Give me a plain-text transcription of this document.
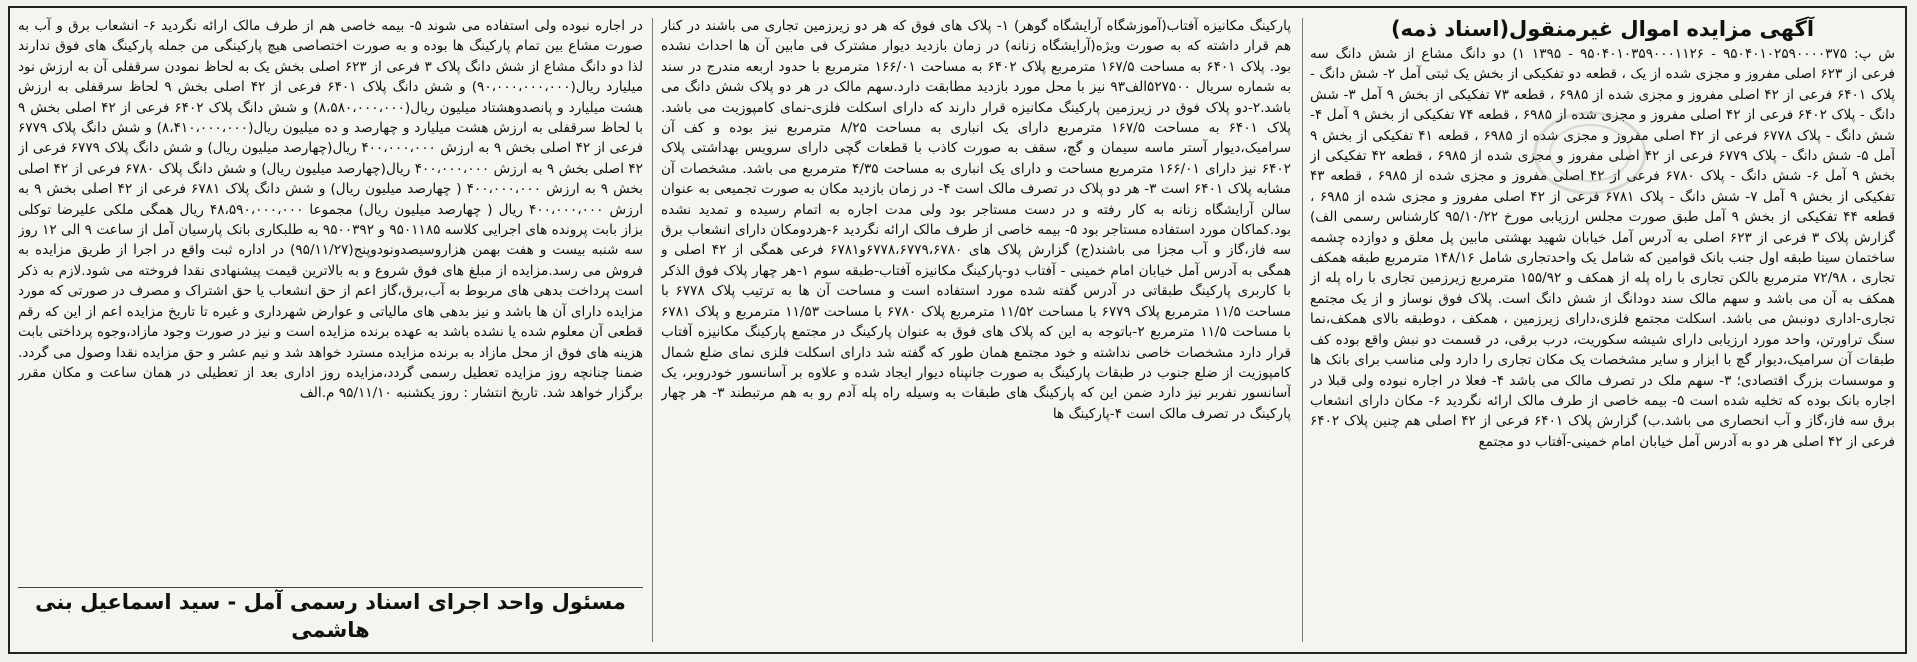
آگهی مزایده اموال غیرمنقول(اسناد ذمه)

ش پ: ۹۵۰۴۰۱۰۲۵۹۰۰۰۰۳۷۵ - ۹۵۰۴۰۱۰۳۵۹۰۰۰۱۱۲۶ - ۱۳۹۵ ۱) دو دانگ مشاع از شش دانگ سه فرعی از ۶۲۳ اصلی مفروز و مجزی شده از یک ، قطعه دو تفکیکی از بخش یک ثبتی آمل ۲- شش دانگ - پلاک ۶۴۰۱ فرعی از ۴۲ اصلی مفروز و مجزی شده از ۶۹۸۵ ، قطعه ۷۳ تفکیکی از بخش ۹ آمل ۳- شش دانگ - پلاک ۶۴۰۲ فرعی از ۴۲ اصلی مفروز و مجزی شده از ۶۹۸۵ ، قطعه ۷۴ تفکیکی از بخش ۹ آمل ۴- شش دانگ - پلاک ۶۷۷۸ فرعی از ۴۲ اصلی مفروز و مجزی شده از ۶۹۸۵ ، قطعه ۴۱ تفکیکی از بخش ۹ آمل ۵- شش دانگ - پلاک ۶۷۷۹ فرعی از ۴۲ اصلی مفروز و مجزی شده از ۶۹۸۵ ، قطعه ۴۲ تفکیکی از بخش ۹ آمل ۶- شش دانگ - پلاک ۶۷۸۰ فرعی از ۴۲ اصلی مفروز و مجزی شده از ۶۹۸۵ ، قطعه ۴۳ تفکیکی از بخش ۹ آمل ۷- شش دانگ - پلاک ۶۷۸۱ فرعی از ۴۲ اصلی مفروز و مجزی شده از ۶۹۸۵ ، قطعه ۴۴ تفکیکی از بخش ۹ آمل طبق صورت مجلس ارزیابی مورخ ۹۵/۱۰/۲۲ کارشناس رسمی الف) گزارش پلاک ۳ فرعی از ۶۲۳ اصلی به آدرس آمل خیابان شهید بهشتی مابین پل معلق و دوازده چشمه ساختمان سینا طبقه اول جنب بانک قوامین که شامل یک واحدتجاری شامل ۱۴۸/۱۶ مترمربع طبقه همکف تجاری ، ۷۲/۹۸ مترمربع بالکن تجاری با راه پله از همکف و ۱۵۵/۹۲ مترمربع زیرزمین تجاری با راه پله از همکف به آن می باشد و سهم مالک سند دودانگ از شش دانگ است. پلاک فوق نوساز و از یک مجتمع تجاری-اداری دونبش می باشد. اسکلت مجتمع فلزی،دارای زیرزمین ، همکف ، دوطبقه بالای همکف،نما سنگ تراورتن، واحد مورد ارزیابی دارای شیشه سکوریت، درب برقی، در قسمت دو نبش واقع بوده کف طبقات آن سرامیک،دیوار گچ با ابزار و سایر مشخصات یک مکان تجاری را دارد ولی مناسب برای بانک ها و موسسات بزرگ اقتصادی؛ ۳- سهم ملک در تصرف مالک می باشد ۴- فعلا در اجاره نبوده ولی قبلا در اجاره بانک بوده که تخلیه شده است ۵- بیمه خاصی از طرف مالک ارائه نگردید ۶- مکان دارای انشعاب برق سه فاز،گاز و آب انحصاری می باشد.ب) گزارش پلاک ۶۴۰۱ فرعی از ۴۲ اصلی هم چنین پلاک ۶۴۰۲ فرعی از ۴۲ اصلی هر دو به آدرس آمل خیابان امام خمینی-آفتاب دو مجتمع

پارکینگ مکانیزه آفتاب(آموزشگاه آرایشگاه گوهر) ۱- پلاک های فوق که هر دو زیرزمین تجاری می باشند در کنار هم قرار داشته که به صورت ویژه(آرایشگاه زنانه) در زمان بازدید دیوار مشترک فی مابین آن ها احداث نشده بود. پلاک ۶۴۰۱ به مساحت ۱۶۷/۵ مترمربع پلاک ۶۴۰۲ به مساحت ۱۶۶/۰۱ مترمربع با حدود اربعه مندرج در سند به شماره سریال ۵۲۷۵۰۰الف۹۳ نیز با محل مورد بازدید مطابقت دارد.سهم مالک در هر دو پلاک شش دانگ می باشد.۲-دو پلاک فوق در زیرزمین پارکینگ مکانیزه قرار دارند که دارای اسکلت فلزی-نمای کامپوزیت می باشد. پلاک ۶۴۰۱ به مساحت ۱۶۷/۵ مترمربع دارای یک انباری به مساحت ۸/۲۵ مترمربع نیز بوده و کف آن سرامیک،دیوار آستر ماسه سیمان و گچ، سقف به صورت کاذب با قطعات گچی دارای سرویس بهداشتی پلاک ۶۴۰۲ نیز دارای ۱۶۶/۰۱ مترمربع مساحت و دارای یک انباری به مساحت ۴/۳۵ مترمربع می باشد. مشخصات آن مشابه پلاک ۶۴۰۱ است ۳- هر دو پلاک در تصرف مالک است ۴- در زمان بازدید مکان به صورت تجمیعی به عنوان سالن آرایشگاه زنانه به کار رفته و در دست مستاجر بود ولی مدت اجاره به اتمام رسیده و تمدید نشده بود.کماکان مورد استفاده مستاجر بود ۵- بیمه خاصی از طرف مالک ارائه نگردید ۶-هردومکان دارای انشعاب برق سه فاز،گاز و آب مجزا می باشند(ج) گزارش پلاک های ۶۷۷۸،۶۷۷۹،۶۷۸۰و۶۷۸۱ فرعی همگی از ۴۲ اصلی و همگی به آدرس آمل خیابان امام خمینی - آفتاب دو-پارکینگ مکانیزه آفتاب-طبقه سوم ۱-هر چهار پلاک فوق الذکر با کاربری پارکینگ طبقاتی در آدرس گفته شده مورد استفاده است و مساحت آن ها به ترتیب پلاک ۶۷۷۸ با مساحت ۱۱/۵ مترمربع پلاک ۶۷۷۹ با مساحت ۱۱/۵۲ مترمربع پلاک ۶۷۸۰ با مساحت ۱۱/۵۳ مترمربع و پلاک ۶۷۸۱ با مساحت ۱۱/۵ مترمربع ۲-باتوجه به این که پلاک های فوق به عنوان پارکینگ در مجتمع پارکینگ مکانیزه آفتاب قرار دارد مشخصات خاصی نداشته و خود مجتمع همان طور که گفته شد دارای اسکلت فلزی نمای ضلع شمال کامپوزیت از ضلع جنوب در طبقات پارکینگ به صورت جانپناه دیوار ایجاد شده و علاوه بر آسانسور خودروبر، یک آسانسور نفربر نیز دارد ضمن این که پارکینگ های طبقات به وسیله راه پله آدم رو به هم مرتبطند ۳- هر چهار پارکینگ در تصرف مالک است ۴-پارکینگ ها

در اجاره نبوده ولی استفاده می شوند ۵- بیمه خاصی هم از طرف مالک ارائه نگردید ۶- انشعاب برق و آب به صورت مشاع بین تمام پارکینگ ها بوده و به صورت اختصاصی هیچ پارکینگی من جمله پارکینگ های فوق ندارند لذا دو دانگ مشاع از شش دانگ پلاک ۳ فرعی از ۶۲۳ اصلی بخش یک به لحاظ نمودن سرقفلی آن به ارزش نود میلیارد ریال(۹۰،۰۰۰،۰۰۰،۰۰۰) و شش دانگ پلاک ۶۴۰۱ فرعی از ۴۲ اصلی بخش ۹ لحاظ سرقفلی به ارزش هشت میلیارد و پانصدوهشتاد میلیون ریال(۸،۵۸۰،۰۰۰،۰۰۰) و شش دانگ پلاک ۶۴۰۲ فرعی از ۴۲ اصلی بخش ۹ با لحاظ سرقفلی به ارزش هشت میلیارد و چهارصد و ده میلیون ریال(۸،۴۱۰،۰۰۰،۰۰۰) و شش دانگ پلاک ۶۷۷۹ فرعی از ۴۲ اصلی بخش ۹ به ارزش ۴۰۰،۰۰۰،۰۰۰ ریال(چهارصد میلیون ریال) و شش دانگ پلاک ۶۷۷۹ فرعی از ۴۲ اصلی بخش ۹ به ارزش ۴۰۰،۰۰۰،۰۰۰ ریال(چهارصد میلیون ریال) و شش دانگ پلاک ۶۷۸۰ فرعی از ۴۲ اصلی بخش ۹ به ارزش ۴۰۰،۰۰۰،۰۰۰ ( چهارصد میلیون ریال) و شش دانگ پلاک ۶۷۸۱ فرعی از ۴۲ اصلی بخش ۹ به ارزش ۴۰۰،۰۰۰،۰۰۰ ریال ( چهارصد میلیون ریال) مجموعا ۴۸،۵۹۰،۰۰۰،۰۰۰ ریال همگی ملکی علیرضا توکلی بزاز بابت پرونده های اجرایی کلاسه ۹۵۰۱۱۸۵ و ۹۵۰۰۳۹۲ به طلبکاری بانک پارسیان آمل از ساعت ۹ الی ۱۲ روز سه شنبه بیست و هفت بهمن هزاروسیصدونودوپنج(۹۵/۱۱/۲۷) در اداره ثبت واقع در اجرا از طریق مزایده به فروش می رسد.مزایده از مبلغ های فوق شروع و به بالاترین قیمت پیشنهادی نقدا فروخته می شود.لازم به ذکر است پرداخت بدهی های مربوط به آب،برق،گاز اعم از حق انشعاب یا حق اشتراک و مصرف در صورتی که مورد مزایده دارای آن ها باشد و نیز بدهی های مالیاتی و عوارض شهرداری و غیره تا تاریخ مزایده اعم از این که رقم قطعی آن معلوم شده یا نشده باشد به عهده برنده مزایده است و نیز در صورت وجود مازاد،وجوه پرداختی بابت هزینه های فوق از محل مازاد به برنده مزایده مسترد خواهد شد و نیم عشر و حق مزایده نقدا وصول می گردد. ضمنا چنانچه روز مزایده تعطیل رسمی گردد،مزایده روز اداری بعد از تعطیلی در همان ساعت و مکان مقرر برگزار خواهد شد. تاریخ انتشار : روز یکشنبه ۹۵/۱۱/۱۰ م.الف

مسئول واحد اجرای اسناد رسمی آمل - سید اسماعیل بنی هاشمی
